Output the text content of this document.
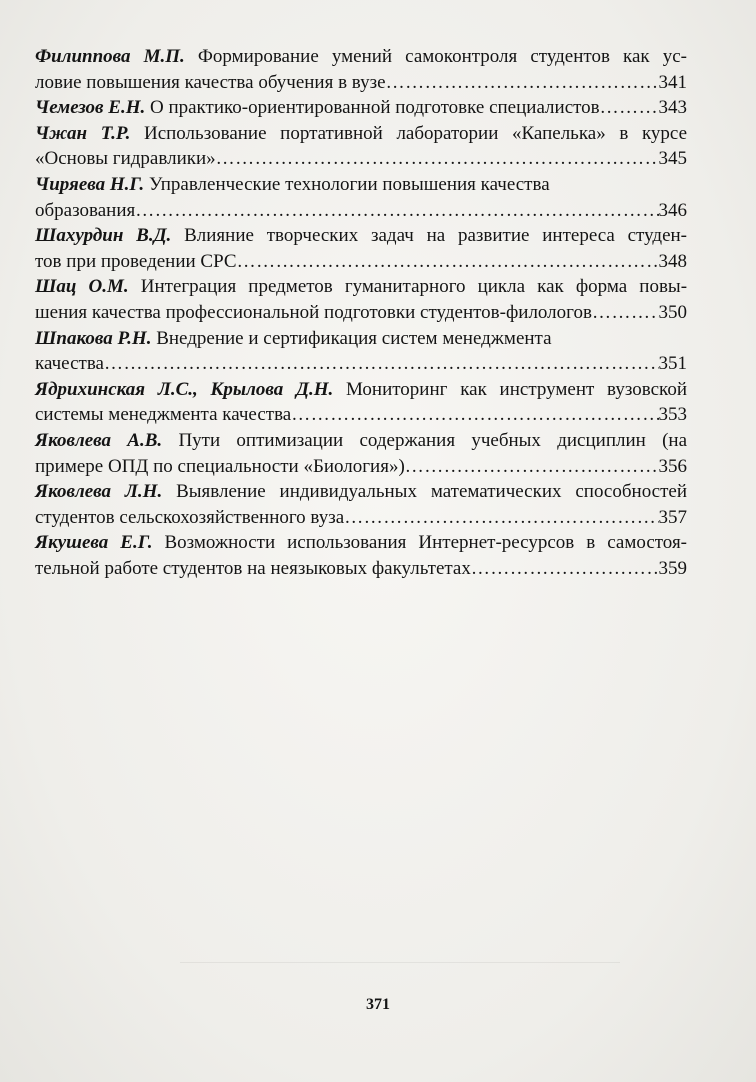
Филиппова М.П. Формирование умений самоконтроля студентов как ус-
ловие повышения качества обучения в вузе ………………………………………………………………………………………………………………………………………………………………………………………………	341
Чемезов Е.Н.
О практико-ориентированной подготовке специалистов ………………………………………………………………………………………………………………………………………………………………………………………………	343
Чжан Т.Р. Использование портативной лаборатории «Капелька» в курсе
«Основы гидравлики» ………………………………………………………………………………………………………………………………………………………………………………………………	345
Чиряева Н.Г.
Управленческие технологии повышения качества
образования ………………………………………………………………………………………………………………………………………………………………………………………………	346
Шахурдин В.Д. Влияние творческих задач на развитие интереса студен-
тов при проведении СРС ………………………………………………………………………………………………………………………………………………………………………………………………	348
Шац О.М. Интеграция предметов гуманитарного цикла как форма повы-
шения качества профессиональной подготовки студентов-филологов ………………………………………………………………………………………………………………………………………………………………………………………………	350
Шпакова Р.Н.
Внедрение и сертификация систем менеджмента
качества ………………………………………………………………………………………………………………………………………………………………………………………………	351
Ядрихинская Л.С., Крылова Д.Н. Мониторинг как инструмент вузовской
системы менеджмента качества ………………………………………………………………………………………………………………………………………………………………………………………………	353
Яковлева А.В. Пути оптимизации содержания учебных дисциплин (на
примере ОПД по специальности «Биология») ………………………………………………………………………………………………………………………………………………………………………………………………	356
Яковлева Л.Н. Выявление индивидуальных математических способностей
студентов сельскохозяйственного вуза ………………………………………………………………………………………………………………………………………………………………………………………………	357
Якушева Е.Г. Возможности использования Интернет-ресурсов в самостоя-
тельной работе студентов на неязыковых факультетах ………………………………………………………………………………………………………………………………………………………………………………………………	359
371
